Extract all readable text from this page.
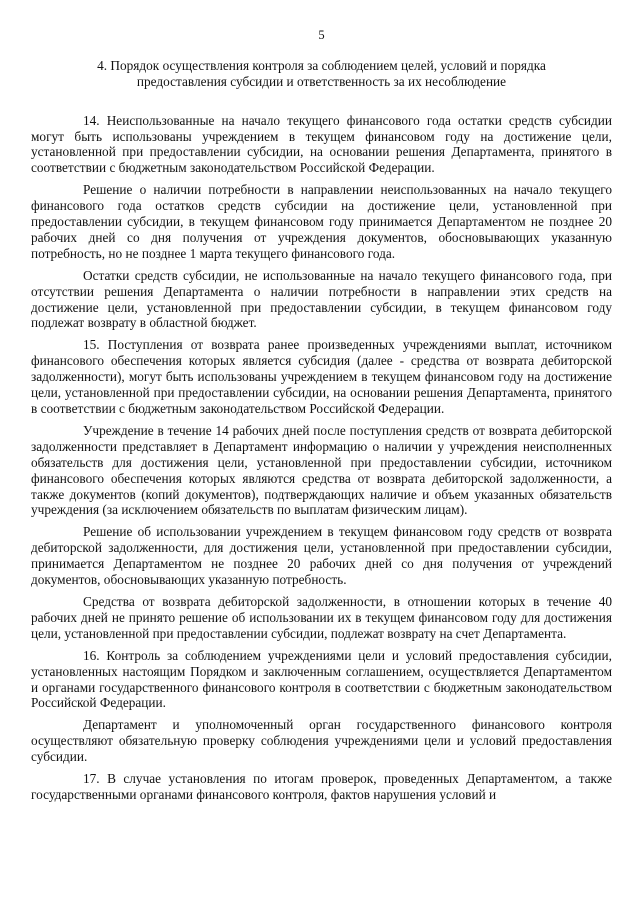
5
4. Порядок осуществления контроля за соблюдением целей, условий и порядка
предоставления субсидии и ответственность за их несоблюдение

14. Неиспользованные на начало текущего финансового года остатки средств субсидии могут быть использованы учреждением в текущем финансовом году на достижение цели, установленной при предоставлении субсидии, на основании решения Департамента, принятого в соответствии с бюджетным законодательством Российской Федерации.

Решение о наличии потребности в направлении неиспользованных на начало текущего финансового года остатков средств субсидии на достижение цели, установленной при предоставлении субсидии, в текущем финансовом году принимается Департаментом не позднее 20 рабочих дней со дня получения от учреждения документов, обосновывающих указанную потребность, но не позднее 1 марта текущего финансового года.

Остатки средств субсидии, не использованные на начало текущего финансового года, при отсутствии решения Департамента о наличии потребности в направлении этих средств на достижение цели, установленной при предоставлении субсидии, в текущем финансовом году подлежат возврату в областной бюджет.

15. Поступления от возврата ранее произведенных учреждениями выплат, источником финансового обеспечения которых является субсидия (далее - средства от возврата дебиторской задолженности), могут быть использованы учреждением в текущем финансовом году на достижение цели, установленной при предоставлении субсидии, на основании решения Департамента, принятого в соответствии с бюджетным законодательством Российской Федерации.

Учреждение в течение 14 рабочих дней после поступления средств от возврата дебиторской задолженности представляет в Департамент информацию о наличии у учреждения неисполненных обязательств для достижения цели, установленной при предоставлении субсидии, источником финансового обеспечения которых являются средства от возврата дебиторской задолженности, а также документов (копий документов), подтверждающих наличие и объем указанных обязательств учреждения (за исключением обязательств по выплатам физическим лицам).

Решение об использовании учреждением в текущем финансовом году средств от возврата дебиторской задолженности, для достижения цели, установленной при предоставлении субсидии, принимается Департаментом не позднее 20 рабочих дней со дня получения от учреждений документов, обосновывающих указанную потребность.

Средства от возврата дебиторской задолженности, в отношении которых в течение 40 рабочих дней не принято решение об использовании их в текущем финансовом году для достижения цели, установленной при предоставлении субсидии, подлежат возврату на счет Департамента.

16. Контроль за соблюдением учреждениями цели и условий предоставления субсидии, установленных настоящим Порядком и заключенным соглашением, осуществляется Департаментом и органами государственного финансового контроля в соответствии с бюджетным законодательством Российской Федерации.

Департамент и уполномоченный орган государственного финансового контроля осуществляют обязательную проверку соблюдения учреждениями цели и условий предоставления субсидии.

17. В случае установления по итогам проверок, проведенных Департаментом, а также государственными органами финансового контроля, фактов нарушения условий и
